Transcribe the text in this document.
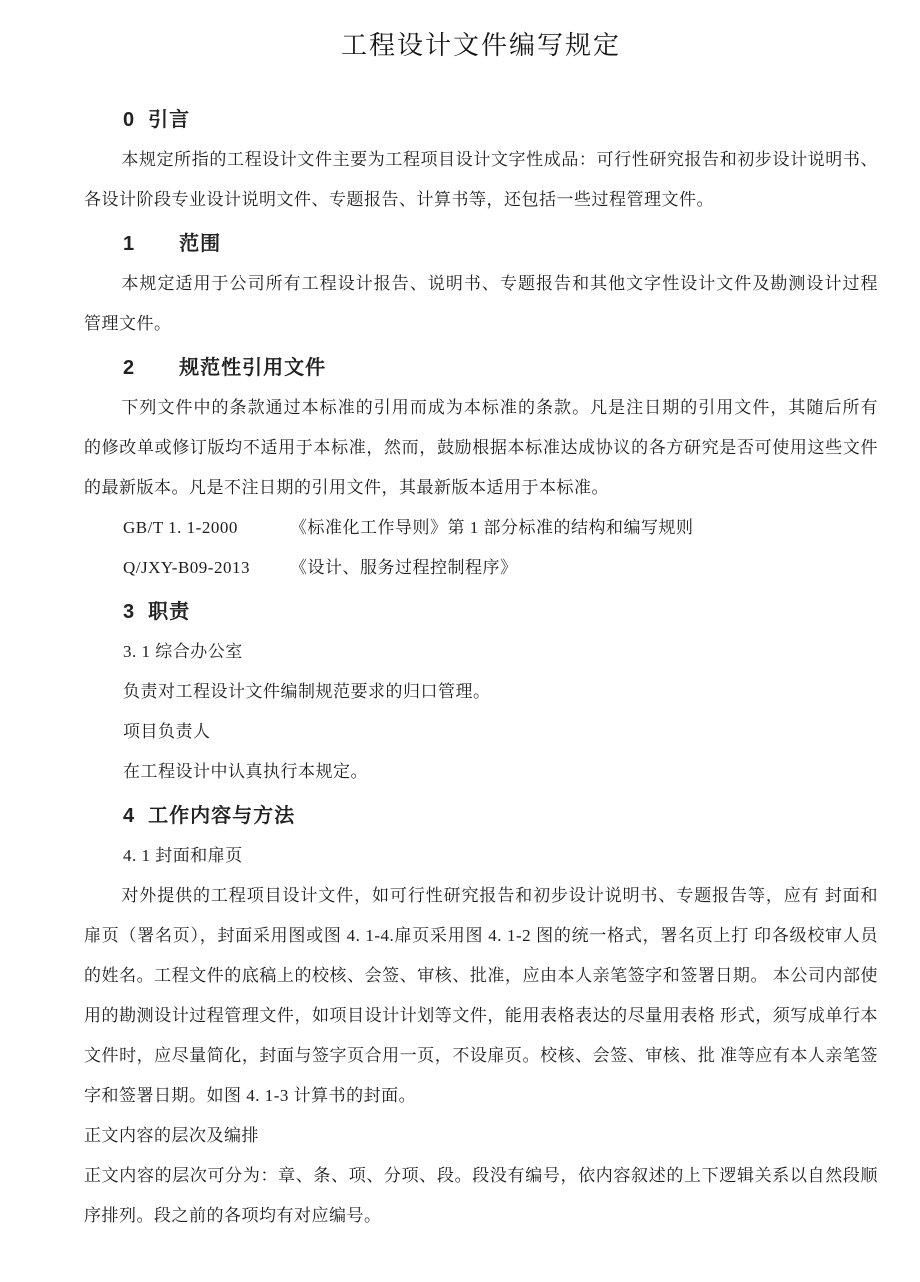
工程设计文件编写规定
0 引言

本规定所指的工程设计文件主要为工程项目设计文字性成品：可行性研究报告和初步设计说明书、 各设计阶段专业设计说明文件、专题报告、计算书等，还包括一些过程管理文件。

1 范围

本规定适用于公司所有工程设计报告、说明书、专题报告和其他文字性设计文件及勘测设计过程 管理文件。

2 规范性引用文件

下列文件中的条款通过本标准的引用而成为本标准的条款。凡是注日期的引用文件，其随后所有 的修改单或修订版均不适用于本标准，然而，鼓励根据本标准达成协议的各方研究是否可使用这些文件 的最新版本。凡是不注日期的引用文件，其最新版本适用于本标准。

GB/T 1. 1-2000	《标准化工作导则》第 1 部分标准的结构和编写规则
Q/JXY-B09-2013 《设计、服务过程控制程序》
3 职责
3. 1 综合办公室
负责对工程设计文件编制规范要求的归口管理。
项目负责人
在工程设计中认真执行本规定。
4 工作内容与方法
4. 1 封面和扉页

对外提供的工程项目设计文件，如可行性研究报告和初步设计说明书、专题报告等，应有 封面和扉页（署名页），封面采用图或图 4. 1-4.扉页采用图 4. 1-2 图的统一格式，署名页上打 印各级校审人员的姓名。工程文件的底稿上的校核、会签、审核、批准，应由本人亲笔签字和签署日期。 本公司内部使用的勘测设计过程管理文件，如项目设计计划等文件，能用表格表达的尽量用表格 形式，须写成单行本文件时，应尽量简化，封面与签字页合用一页，不设扉页。校核、会签、审核、批 准等应有本人亲笔签字和签署日期。如图 4. 1-3 计算书的封面。

正文内容的层次及编排

正文内容的层次可分为：章、条、项、分项、段。段没有编号，依内容叙述的上下逻辑关系以自然段顺 序排列。段之前的各项均有对应编号。
